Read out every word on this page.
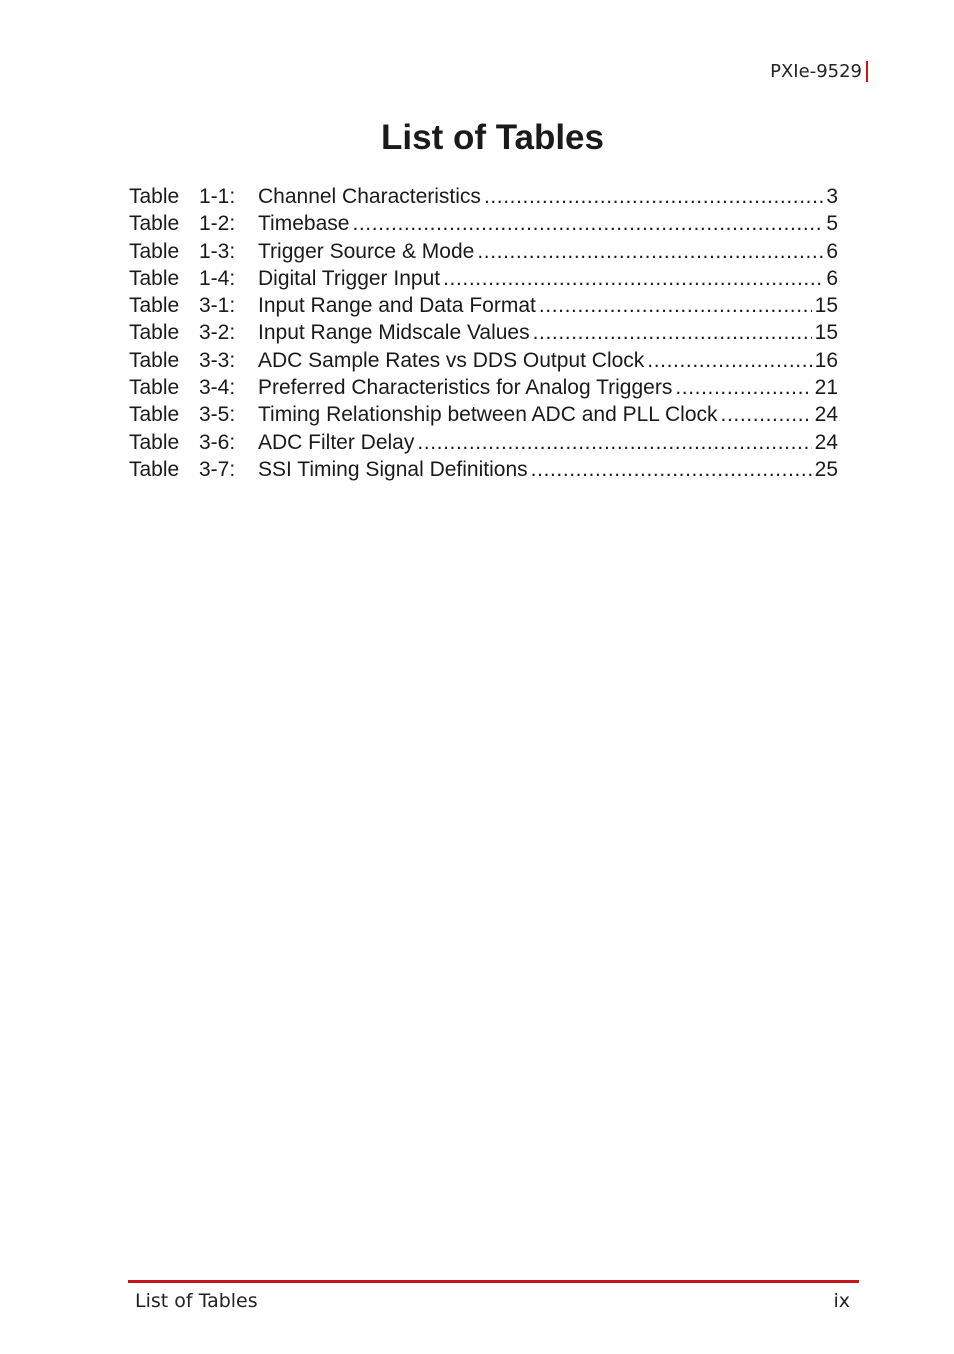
PXIe-9529
List of Tables
Table 1-1:	Channel Characteristics .....	3
Table 1-2:	Timebase .....	5
Table 1-3:	Trigger Source & Mode .....	6
Table 1-4:	Digital Trigger Input .....	6
Table 3-1:	Input Range and Data Format .....	15
Table 3-2:	Input Range Midscale Values .....	15
Table 3-3:	ADC Sample Rates vs DDS Output Clock .....	16
Table 3-4:	Preferred Characteristics for Analog Triggers .....	21
Table 3-5:	Timing Relationship between ADC and PLL Clock .....	24
Table 3-6:	ADC Filter Delay .....	24
Table 3-7:	SSI Timing Signal Definitions .....	25
List of Tables	ix
